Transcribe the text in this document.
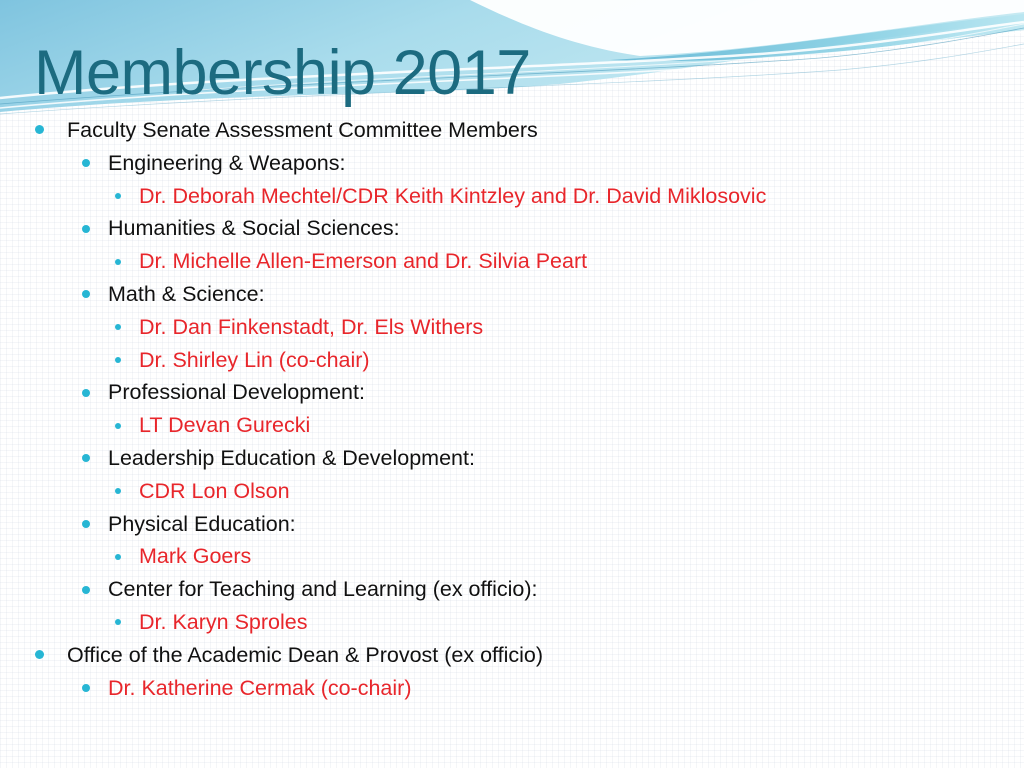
Membership 2017
Faculty Senate Assessment Committee Members
Engineering & Weapons:
Dr. Deborah Mechtel/CDR Keith Kintzley and Dr. David Miklosovic
Humanities & Social Sciences:
Dr. Michelle Allen-Emerson and Dr. Silvia Peart
Math & Science:
Dr. Dan Finkenstadt, Dr. Els Withers
Dr. Shirley Lin (co-chair)
Professional Development:
LT Devan Gurecki
Leadership Education & Development:
CDR Lon Olson
Physical Education:
Mark Goers
Center for Teaching and Learning (ex officio):
Dr. Karyn Sproles
Office of the Academic Dean & Provost (ex officio)
Dr. Katherine Cermak (co-chair)
